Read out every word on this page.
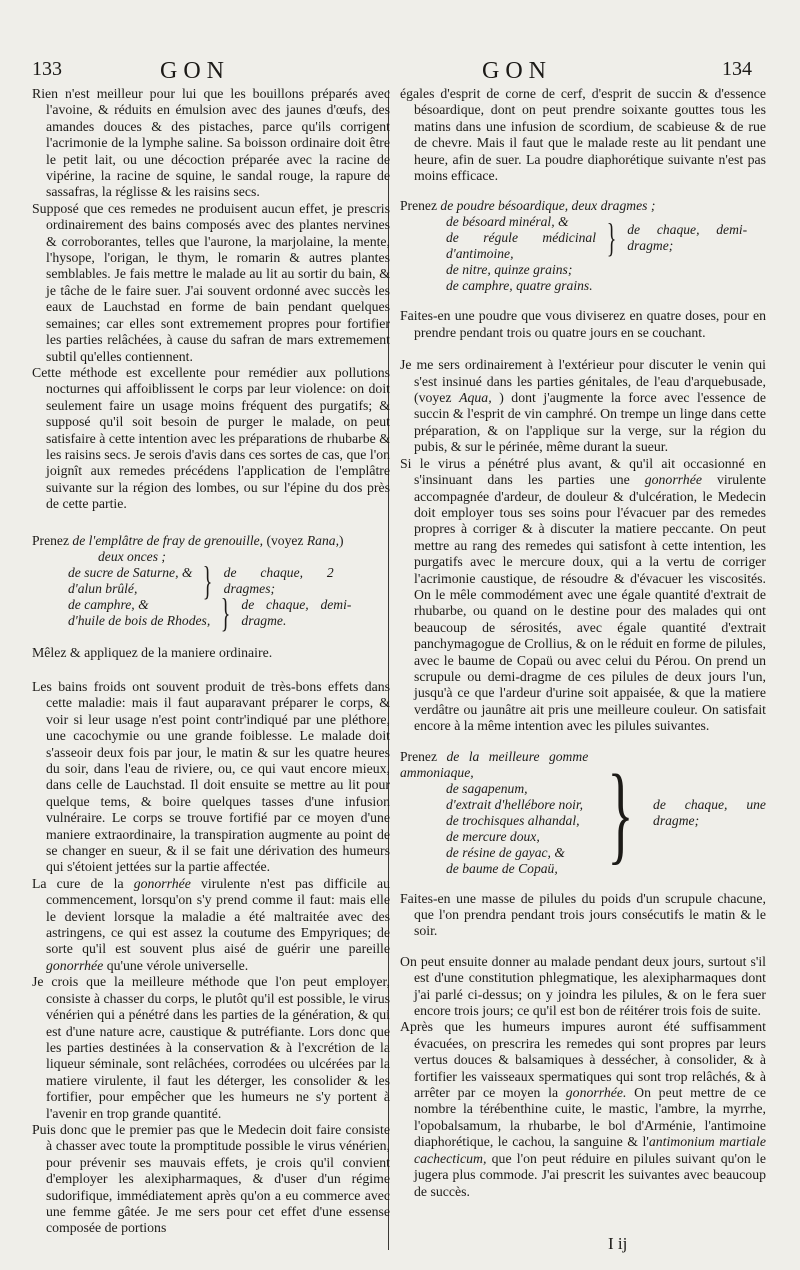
133	GON	GON	134

Rien n'est meilleur pour lui que les bouillons préparés avec l'avoine, & réduits en émulsion avec des jaunes d'œufs, des amandes douces & des pistaches, parce qu'ils corrigent l'acrimonie de la lymphe saline. Sa boisson ordinaire doit être le petit lait, ou une décoction préparée avec la racine de vipérine, la racine de squine, le sandal rouge, la rapure de sassafras, la réglisse & les raisins secs.

Supposé que ces remedes ne produisent aucun effet, je prescris ordinairement des bains composés avec des plantes nervines & corroborantes, telles que l'aurone, la marjolaine, la mente, l'hysope, l'origan, le thym, le romarin & autres plantes semblables. Je fais mettre le malade au lit au sortir du bain, & je tâche de le faire suer. J'ai souvent ordonné avec succès les eaux de Lauchstad en forme de bain pendant quelques semaines; car elles sont extremement propres pour fortifier les parties relâchées, à cause du safran de mars extremement subtil qu'elles contiennent.

Cette méthode est excellente pour remédier aux pollutions nocturnes qui affoiblissent le corps par leur violence: on doit seulement faire un usage moins fréquent des purgatifs; & supposé qu'il soit besoin de purger le malade, on peut satisfaire à cette intention avec les préparations de rhubarbe & les raisins secs. Je serois d'avis dans ces sortes de cas, que l'on joignît aux remedes précédens l'application de l'emplâtre suivante sur la région des lombes, ou sur l'épine du dos près de cette partie.

Prenez de l'emplâtre de fray de grenouille, (voyez Rana,)
deux onces ;
de sucre de Saturne, &
d'alun brûlé,	} de chaque, 2 dragmes;
de camphre, &
d'huile de bois de Rhodes, } de chaque, demi-dragme.

Mêlez & appliquez de la maniere ordinaire.

Les bains froids ont souvent produit de très-bons effets dans cette maladie: mais il faut auparavant préparer le corps, & voir si leur usage n'est point contr'indiqué par une pléthore, une cacochymie ou une grande foiblesse. Le malade doit s'asseoir deux fois par jour, le matin & sur les quatre heures du soir, dans l'eau de riviere, ou, ce qui vaut encore mieux, dans celle de Lauchstad. Il doit ensuite se mettre au lit pour quelque tems, & boire quelques tasses d'une infusion vulnéraire. Le corps se trouve fortifié par ce moyen d'une maniere extraordinaire, la transpiration augmente au point de se changer en sueur, & il se fait une dérivation des humeurs qui s'étoient jettées sur la partie affectée.

La cure de la gonorrhée virulente n'est pas difficile au commencement, lorsqu'on s'y prend comme il faut: mais elle le devient lorsque la maladie a été maltraitée avec des astringens, ce qui est assez la coutume des Empyriques; de sorte qu'il est souvent plus aisé de guérir une pareille gonorrhée qu'une vérole universelle.

Je crois que la meilleure méthode que l'on peut employer, consiste à chasser du corps, le plutôt qu'il est possible, le virus vénérien qui a pénétré dans les parties de la génération, & qui est d'une nature acre, caustique & putréfiante. Lors donc que les parties destinées à la conservation & à l'excrétion de la liqueur séminale, sont relâchées, corrodées ou ulcérées par la matiere virulente, il faut les déterger, les consolider & les fortifier, pour empêcher que les humeurs ne s'y portent à l'avenir en trop grande quantité.

Puis donc que le premier pas que le Medecin doit faire consiste à chasser avec toute la promptitude possible le virus vénérien, pour prévenir ses mauvais effets, je crois qu'il convient d'employer les alexipharmaques, & d'user d'un régime sudorifique, immédiatement après qu'on a eu commerce avec une femme gâtée. Je me sers pour cet effet d'une essense composée de portions

égales d'esprit de corne de cerf, d'esprit de succin & d'essence bésoardique, dont on peut prendre soixante gouttes tous les matins dans une infusion de scordium, de scabieuse & de rue de chevre. Mais il faut que le malade reste au lit pendant une heure, afin de suer. La poudre diaphorétique suivante n'est pas moins efficace.

Prenez de poudre bésoardique, deux dragmes ;
de bésoard minéral, &
de régule médicinal d'antimoine,	} de chaque, demi-dragme;
de nitre, quinze grains;
de camphre, quatre grains.

Faites-en une poudre que vous diviserez en quatre doses, pour en prendre pendant trois ou quatre jours en se couchant.

Je me sers ordinairement à l'extérieur pour discuter le venin qui s'est insinué dans les parties génitales, de l'eau d'arquebusade, (voyez Aqua, ) dont j'augmente la force avec l'essence de succin & l'esprit de vin camphré. On trempe un linge dans cette préparation, & on l'applique sur la verge, sur la région du pubis, & sur le périnée, même durant la sueur.

Si le virus a pénétré plus avant, & qu'il ait occasionné en s'insinuant dans les parties une gonorrhée virulente accompagnée d'ardeur, de douleur & d'ulcération, le Medecin doit employer tous ses soins pour l'évacuer par des remedes propres à corriger & à discuter la matiere peccante. On peut mettre au rang des remedes qui satisfont à cette intention, les purgatifs avec le mercure doux, qui a la vertu de corriger l'acrimonie caustique, de résoudre & d'évacuer les viscosités. On le mêle commodément avec une égale quantité d'extrait de rhubarbe, ou quand on le destine pour des malades qui ont beaucoup de sérosités, avec égale quantité d'extrait panchymagogue de Crollius, & on le réduit en forme de pilules, avec le baume de Copaü ou avec celui du Pérou. On prend un scrupule ou demi-dragme de ces pilules de deux jours l'un, jusqu'à ce que l'ardeur d'urine soit appaisée, & que la matiere verdâtre ou jaunâtre ait pris une meilleure couleur. On satisfait encore à la même intention avec les pilules suivantes.

Prenez de la meilleure gomme ammoniaque,
de sagapenum,
d'extrait d'hellébore noir,
de trochisques alhandal,
de mercure doux,
de résine de gayac, &
de baume de Copaü, } de chaque, une dragme;

Faites-en une masse de pilules du poids d'un scrupule chacune, que l'on prendra pendant trois jours consécutifs le matin & le soir.

On peut ensuite donner au malade pendant deux jours, surtout s'il est d'une constitution phlegmatique, les alexipharmaques dont j'ai parlé ci-dessus; on y joindra les pilules, & on le fera suer encore trois jours; ce qu'il est bon de réitérer trois fois de suite.

Après que les humeurs impures auront été suffisamment évacuées, on prescrira les remedes qui sont propres par leurs vertus douces & balsamiques à dessécher, à consolider, & à fortifier les vaisseaux spermatiques qui sont trop relâchés, & à arrêter par ce moyen la gonorrhée. On peut mettre de ce nombre la térébenthine cuite, le mastic, l'ambre, la myrrhe, l'opobalsamum, la rhubarbe, le bol d'Arménie, l'antimoine diaphorétique, le cachou, la sanguine & l'antimonium martiale cachecticum, que l'on peut réduire en pilules suivant qu'on le jugera plus commode. J'ai prescrit les suivantes avec beaucoup de succès.

I ij
